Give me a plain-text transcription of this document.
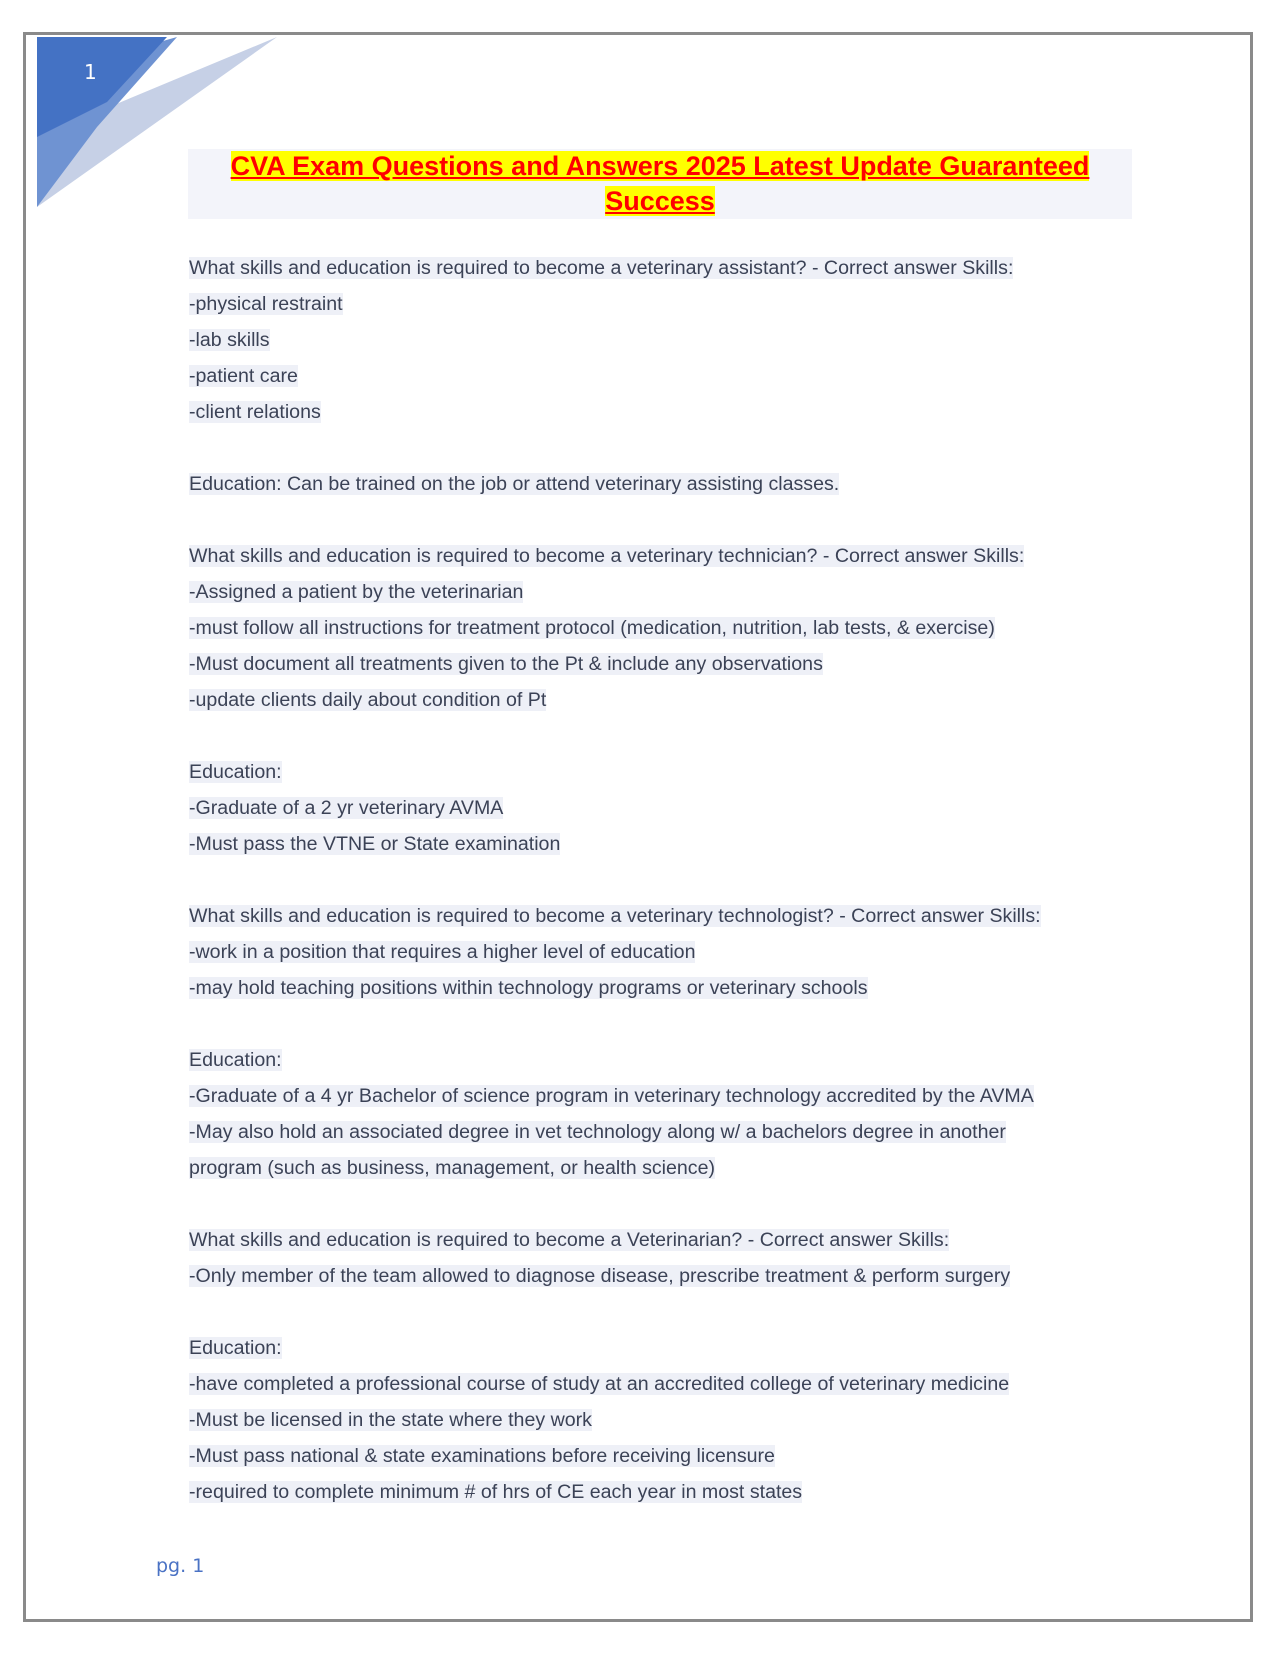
1
CVA Exam Questions and Answers 2025 Latest Update Guaranteed
Success
What skills and education is required to become a veterinary assistant? - Correct answer Skills:
-physical restraint
-lab skills
-patient care
-client relations
Education: Can be trained on the job or attend veterinary assisting classes.
What skills and education is required to become a veterinary technician? - Correct answer Skills:
-Assigned a patient by the veterinarian
-must follow all instructions for treatment protocol (medication, nutrition, lab tests, & exercise)
-Must document all treatments given to the Pt & include any observations
-update clients daily about condition of Pt
Education:
-Graduate of a 2 yr veterinary AVMA
-Must pass the VTNE or State examination
What skills and education is required to become a veterinary technologist? - Correct answer Skills:
-work in a position that requires a higher level of education
-may hold teaching positions within technology programs or veterinary schools
Education:
-Graduate of a 4 yr Bachelor of science program in veterinary technology accredited by the AVMA
-May also hold an associated degree in vet technology along w/ a bachelors degree in another
program (such as business, management, or health science)
What skills and education is required to become a Veterinarian? - Correct answer Skills:
-Only member of the team allowed to diagnose disease, prescribe treatment & perform surgery
Education:
-have completed a professional course of study at an accredited college of veterinary medicine
-Must be licensed in the state where they work
-Must pass national & state examinations before receiving licensure
-required to complete minimum # of hrs of CE each year in most states
pg. 1
